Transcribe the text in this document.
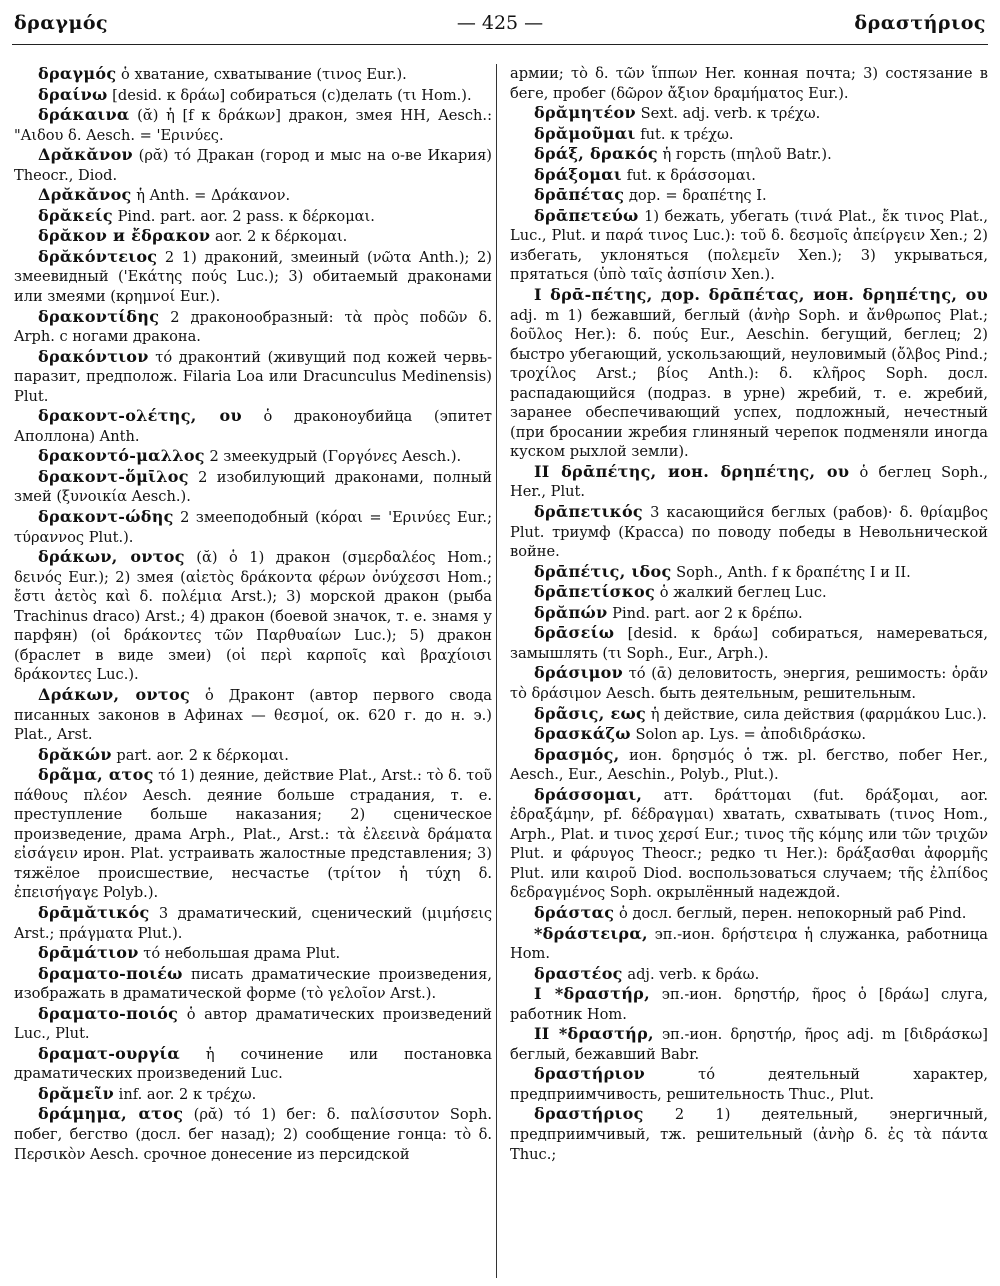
δραγμός	— 425 —	δραστήριος

δραγμός ὁ хватание, схватывание (τινος Eur.).

δραίνω [desid. к δράω] собираться (с)делать (τι Hom.).

δράκαινα (ᾰ) ἡ [f к δράκων] дракон, змея HH, Aesch.: "Aιδου δ. Aesch. = 'Ερινύες.

Δρᾰκᾰνον (ρᾰ) τό Дракан (город и мыс на о-ве Икария) Theocr., Diod.

Δρᾰκᾰνος ἡ Anth. = Δράκανον.

δρᾰκείς Pind. part. aor. 2 pass. к δέρκομαι.

δρᾰκον и ἔδρακον aor. 2 к δέρκομαι.

δρᾰκόντειος 2 1) драконий, змеиный (νῶτα Anth.); 2) змеевидный ('Εκάτης πούς Luc.); 3) обитаемый драконами или змеями (κρημνοί Eur.).

δρακοντίδης 2 драконообразный: τὰ πρὸς ποδῶν δ. Arph. с ногами дракона.

δρακόντιον τό драконтий (живущий под кожей червь-паразит, предполож. Filaria Loa или Dracunculus Medinensis) Plut.

δρακοντ-ολέτης, ου ὁ драконоубийца (эпитет Аполлона) Anth.

δρακοντό-μαλλος 2 змеекудрый (Γοργόνες Aesch.).

δρακοντ-ὅμῑλος 2 изобилующий драконами, полный змей (ξυνοικία Aesch.).

δρακοντ-ώδης 2 змееподобный (κόραι = 'Ερινύες Eur.; τύραννος Plut.).

δράκων, οντος (ᾰ) ὁ 1) дракон (σμερδαλέος Hom.; δεινός Eur.); 2) змея (αἰετὸς δράκοντα φέρων ὀνύχεσσι Hom.; ἔστι ἀετὸς καὶ δ. πολέμια Arst.); 3) морской дракон (рыба Trachinus draco) Arst.; 4) дракон (боевой значок, т. е. знамя у парфян) (οἱ δράκοντες τῶν Παρθυαίων Luc.); 5) дракон (браслет в виде змеи) (οἱ περὶ καρποῖς καὶ βραχίοισι δράκοντες Luc.).

Δράκων, οντος ὁ Драконт (автор первого свода писанных законов в Афинах — θεσμοί, ок. 620 г. до н. э.) Plat., Arst.

δρᾰκών part. aor. 2 к δέρκομαι.

δρᾶμα, ατος τό 1) деяние, действие Plat., Arst.: τὸ δ. τοῦ πάθους πλέον Aesch. деяние больше страдания, т. е. преступление больше наказания; 2) сценическое произведение, драма Arph., Plat., Arst.: τὰ ἐλεεινὰ δράματα εἰσάγειν ирон. Plat. устраивать жалостные представления; 3) тяжёлое происшествие, несчастье (τρίτον ἡ τύχη δ. ἐπεισήγαγε Polyb.).

δρᾱμᾰτικός 3 драматический, сценический (μιμήσεις Arst.; πράγματα Plut.).

δρᾱμάτιον τό небольшая драма Plut.

δραματο-ποιέω писать драматические произведения, изображать в драматической форме (τὸ γελοῖον Arst.).

δραματο-ποιός ὁ автор драматических произведений Luc., Plut.

δραματ-ουργία ἡ сочинение или постановка драматических произведений Luc.

δρᾰμεῖν inf. aor. 2 к τρέχω.

δράμημα, ατος (ρᾰ) τό 1) бег: δ. παλίσσυτον Soph. побег, бегство (досл. бег назад); 2) сообщение гонца: τὸ δ. Περσικὸν Aesch. срочное донесение из персидской

армии; τὸ δ. τῶν ἵππων Her. конная почта; 3) состязание в беге, пробег (δῶρον ἄξιον δραμήματος Eur.).

δρᾰμητέον Sext. adj. verb. к τρέχω.

δρᾰμοῦμαι fut. к τρέχω.

δράξ, δρακός ἡ горсть (πηλοῦ Batr.).

δράξομαι fut. к δράσσομαι.

δρᾱπέτας дор. = δραπέτης I.

δρᾱπετεύω 1) бежать, убегать (τινά Plat., ἔκ τινος Plat., Luc., Plut. и παρά τινος Luc.): τοῦ δ. δεσμοῖς ἀπείργειν Xen.; 2) избегать, уклоняться (πολεμεῖν Xen.); 3) укрываться, прятаться (ὑπὸ ταῖς ἀσπίσιν Xen.).

I δρᾱ-πέτης, дор. δρᾱπέτας, ион. δρηπέτης, ου adj. m 1) бежавший, беглый (ἀνὴρ Soph. и ἄνθρωπος Plat.; δοῦλος Her.): δ. πούς Eur., Aeschin. бегущий, беглец; 2) быстро убегающий, ускользающий, неуловимый (ὄλβος Pind.; τροχίλος Arst.; βίος Anth.): δ. κλῆρος Soph. досл. распадающийся (подраз. в урне) жребий, т. е. жребий, заранее обеспечивающий успех, подложный, нечестный (при бросании жребия глиняный черепок подменяли иногда куском рыхлой земли).

II δρᾱπέτης, ион. δρηπέτης, ου ὁ беглец Soph., Her., Plut.

δρᾱπετικός 3 касающийся беглых (рабов)· δ. θρίαμβος Plut. триумф (Красса) по поводу победы в Невольнической войне.

δρᾱπέτις, ιδος Soph., Anth. f к δραπέτης I и II.

δρᾱπετίσκος ὁ жалкий беглец Luc.

δρᾰπών Pind. part. aor 2 к δρέπω.

δρᾱσείω [desid. к δράω] собираться, намереваться, замышлять (τι Soph., Eur., Arph.).

δράσιμον τό (ᾱ) деловитость, энергия, решимость: ὁρᾶν τὸ δράσιμον Aesch. быть деятельным, решительным.

δρᾶσις, εως ἡ действие, сила действия (φαρμάκου Luc.).

δρασκάζω Solon ap. Lys. = ἀποδιδράσκω.

δρασμός, ион. δρησμός ὁ тж. pl. бегство, побег Her., Aesch., Eur., Aeschin., Polyb., Plut.).

δράσσομαι, атт. δράττομαι (fut. δράξομαι, aor. ἐδραξάμην, pf. δέδραγμαι) хватать, схватывать (τινος Hom., Arph., Plat. и τινος χερσί Eur.; τινος τῆς κόμης или τῶν τριχῶν Plut. и φάρυγος Theocr.; редко τι Her.): δράξασθαι ἀφορμῆς Plut. или καιροῦ Diod. воспользоваться случаем; τῆς ἐλπίδος δεδραγμένος Soph. окрылённый надеждой.

δράστας ὁ досл. беглый, перен. непокорный раб Pind.

*δράστειρα, эп.-ион. δρήστειρα ἡ служанка, работница Hom.

δραστέος adj. verb. к δράω.

I *δραστήρ, эп.-ион. δρηστήρ, ῆρος ὁ [δράω] слуга, работник Hom.

II *δραστήρ, эп.-ион. δρηστήρ, ῆρος adj. m [διδράσκω] беглый, бежавший Babr.

δραστήριον τό деятельный характер, предприимчивость, решительность Thuc., Plut.

δραστήριος 2 1) деятельный, энергичный, предприимчивый, тж. решительный (ἀνὴρ δ. ἐς τὰ πάντα Thuc.;
